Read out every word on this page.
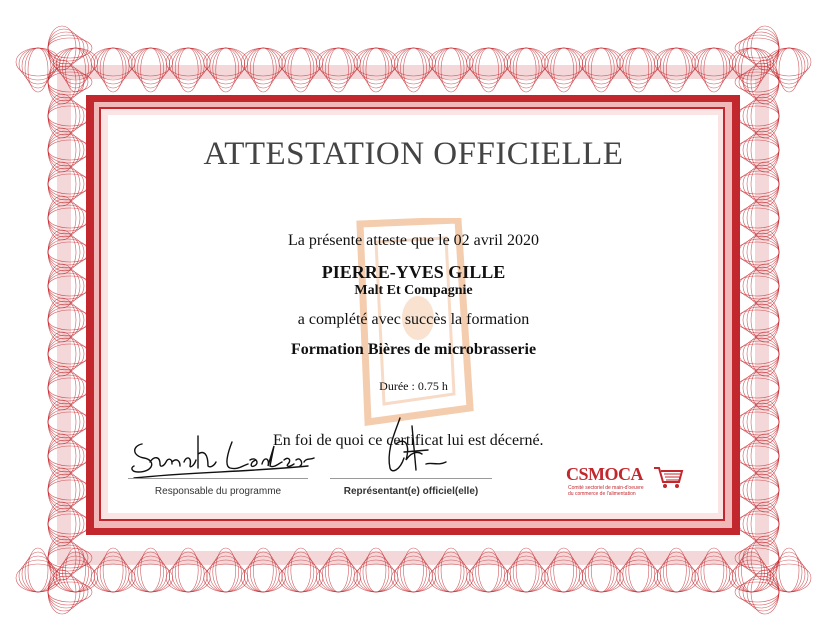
ATTESTATION OFFICIELLE
La présente atteste que le 02 avril 2020
PIERRE-YVES GILLE
Malt Et Compagnie
a complété avec succès la formation
Formation Bières de microbrasserie
Durée : 0.75 h
En foi de quoi ce certificat lui est décerné.
Responsable du programme	Représentant(e) officiel(elle)
CSMOCA
Comité sectoriel de main-d'oeuvre
du commerce de l'alimentation
